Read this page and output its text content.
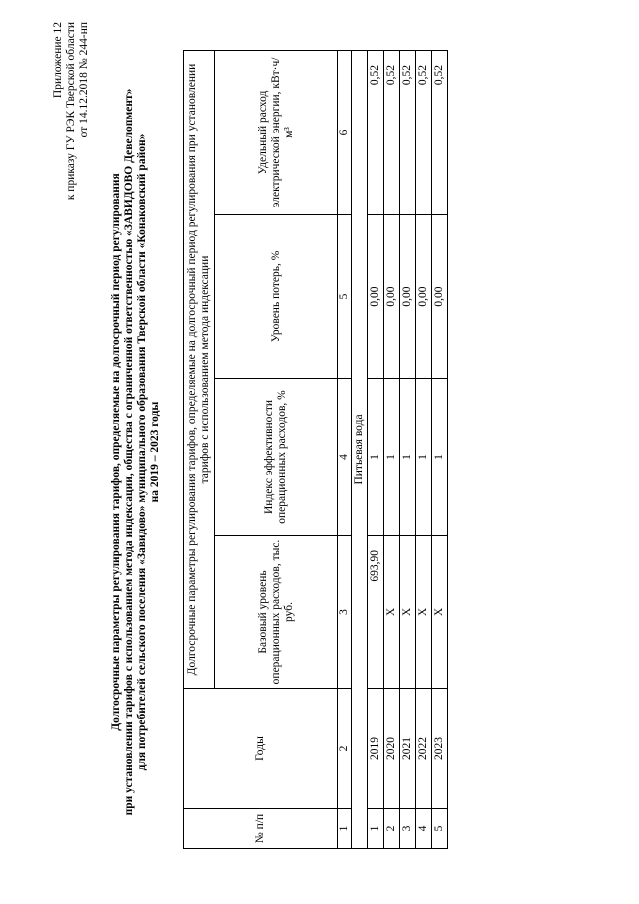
Приложение 12 к приказу ГУ РЭК Тверской области от 14.12.2018 № 244-нп
Долгосрочные параметры регулирования тарифов, определяемые на долгосрочный период регулирования при установлении тарифов с использованием метода индексации, общества с ограниченной ответственностью «ЗАВИДОВО Девелопмент» для потребителей сельского поселения «Завидово» муниципального образования Тверской области «Конаковский район» на 2019 – 2023 годы
№ п/п	Годы	Долгосрочные параметры регулирования тарифов, определяемые на долгосрочный период регулирования при установлении тарифов с использованием метода индексации			
		Базовый уровень операционных расходов, тыс. руб.	Индекс эффективности операционных расходов, %	Уровень потерь, %	Удельный расход электрической энергии, кВт·ч/м³
1	2	3	4	5	6
Питьевая вода					
1	2019	693,90	1	0,00	0,52
2	2020	X	1	0,00	0,52
3	2021	X	1	0,00	0,52
4	2022	X	1	0,00	0,52
5	2023	X	1	0,00	0,52
